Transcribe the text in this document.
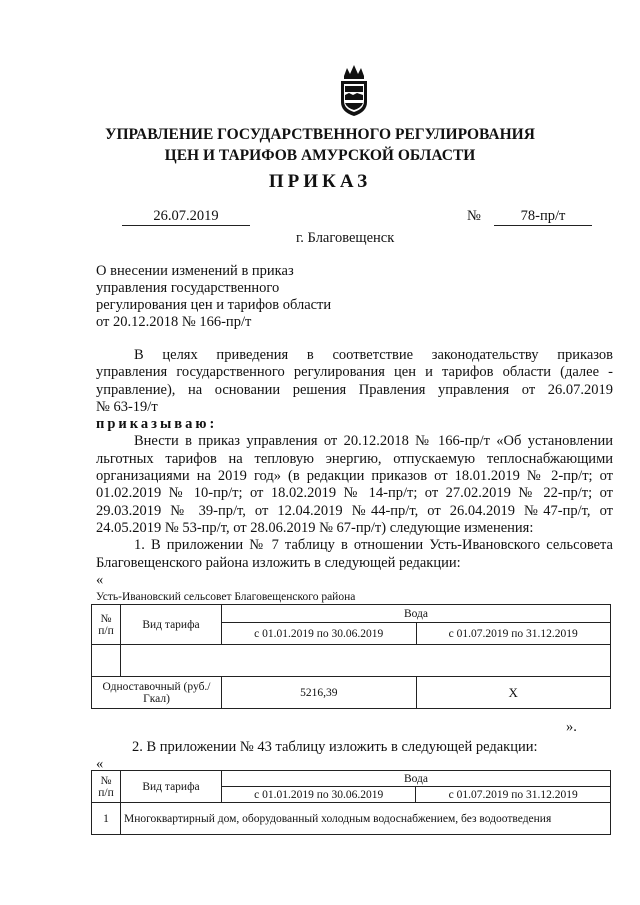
УПРАВЛЕНИЕ ГОСУДАРСТВЕННОГО РЕГУЛИРОВАНИЯ
ЦЕН И ТАРИФОВ АМУРСКОЙ ОБЛАСТИ
ПРИКАЗ
26.07.2019	№	78-пр/т
г. Благовещенск
О внесении изменений в приказ
управления государственного
регулирования цен и тарифов области
от 20.12.2018 № 166-пр/т
В целях приведения в соответствие законодательству приказов
управления государственного регулирования цен и тарифов области (далее -
управление), на основании решения Правления управления от 26.07.2019
№ 63-19/т
приказываю:
Внести в приказ управления от 20.12.2018 № 166-пр/т «Об установлении
льготных тарифов на тепловую энергию, отпускаемую теплоснабжающими
организациями на 2019 год» (в редакции приказов от 18.01.2019 № 2-пр/т; от
01.02.2019 № 10-пр/т; от 18.02.2019 № 14-пр/т; от 27.02.2019 № 22-пр/т; от
29.03.2019 № 39-пр/т, от 12.04.2019 №44-пр/т, от 26.04.2019 №47-пр/т, от
24.05.2019 № 53-пр/т, от 28.06.2019 № 67-пр/т) следующие изменения:
1. В приложении № 7 таблицу в отношении Усть-Ивановского сельсовета
Благовещенского района изложить в следующей редакции:
«
Усть-Ивановский сельсовет Благовещенского района
№ п/п	Вид тарифа	Вода	
		с 01.01.2019 по 30.06.2019	с 01.07.2019 по 31.12.2019

Одноставочный (руб./Гкал)		5216,39	Х
».
2. В приложении № 43 таблицу изложить в следующей редакции:
«
№ п/п	Вид тарифа	Вода	
		с 01.01.2019 по 30.06.2019	с 01.07.2019 по 31.12.2019
1	Многоквартирный дом, оборудованный холодным водоснабжением, без водоотведения		
